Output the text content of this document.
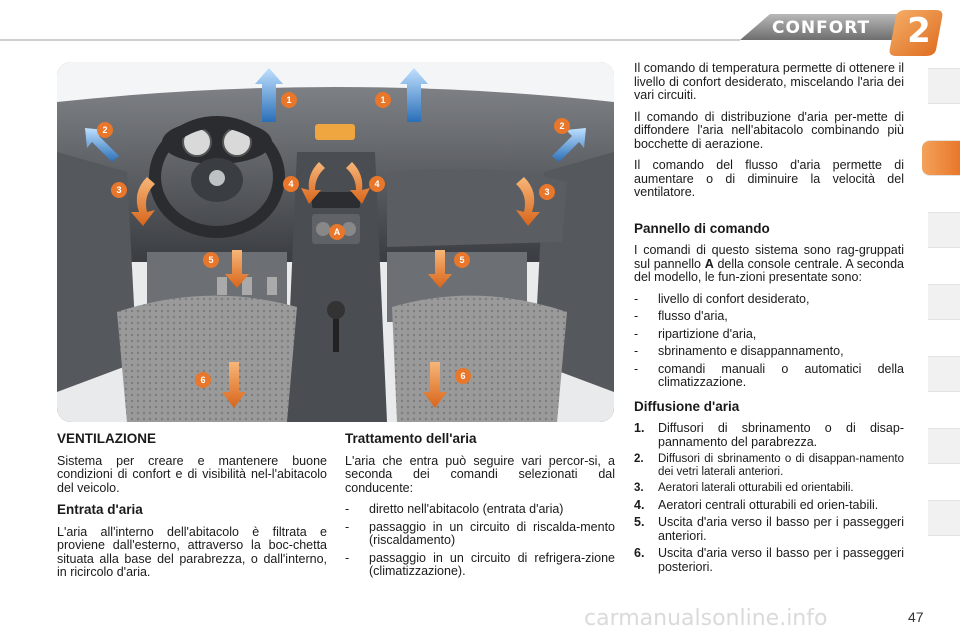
CONFORT 2
1	1
2	2
3	3
4	4
5	5
6	6
A
VENTILAZIONE
Sistema per creare e mantenere buone condizioni di confort e di visibilità nel-l'abitacolo del veicolo.
Entrata d'aria
L'aria all'interno dell'abitacolo è filtrata e proviene dall'esterno, attraverso la boc-chetta situata alla base del parabrezza, o dall'interno, in ricircolo d'aria.
Trattamento dell'aria
L'aria che entra può seguire vari percor-si, a seconda dei comandi selezionati dal conducente:
-	diretto nell'abitacolo (entrata d'aria)
-	passaggio in un circuito di riscalda-mento (riscaldamento)
-	passaggio in un circuito di refrigera-zione (climatizzazione).
Il comando di temperatura permette di ottenere il livello di confort desiderato, miscelando l'aria dei vari circuiti.
Il comando di distribuzione d'aria per-mette di diffondere l'aria nell'abitacolo combinando più bocchette di aerazione.
Il comando del flusso d'aria permette di aumentare o di diminuire la velocità del ventilatore.
Pannello di comando
I comandi di questo sistema sono rag-gruppati sul pannello A della console centrale. A seconda del modello, le fun-zioni presentate sono:
-	livello di confort desiderato,
-	flusso d'aria,
-	ripartizione d'aria,
-	sbrinamento e disappannamento,
-	comandi manuali o automatici della climatizzazione.
Diffusione d'aria
1.	Diffusori di sbrinamento o di disap-pannamento del parabrezza.
2.	Diffusori di sbrinamento o di disappan-namento dei vetri laterali anteriori.
3.	Aeratori laterali otturabili ed orientabili.
4.	Aeratori centrali otturabili ed orien-tabili.
5.	Uscita d'aria verso il basso per i passeggeri anteriori.
6.	Uscita d'aria verso il basso per i passeggeri posteriori.
carmanualsonline.info	47
